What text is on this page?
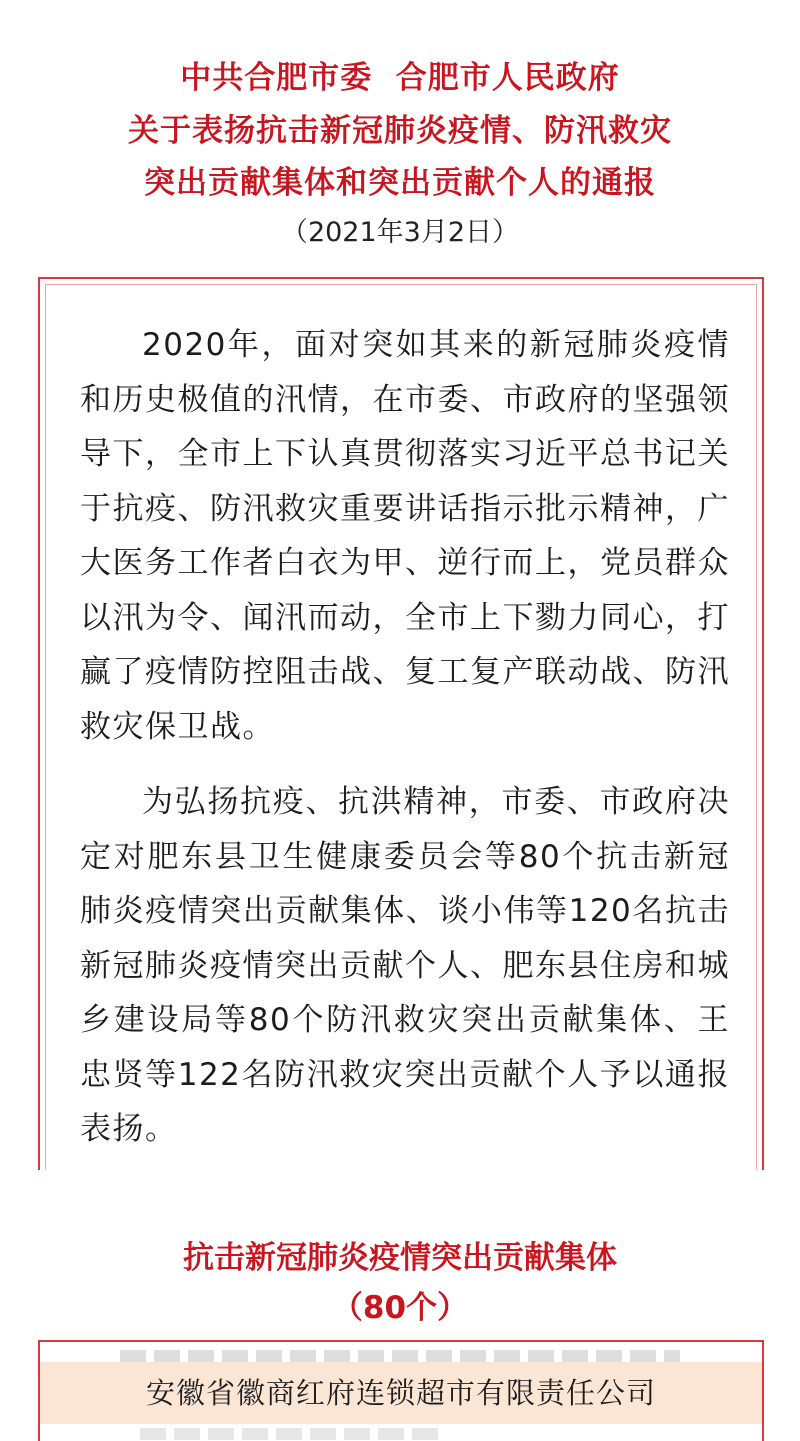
中共合肥市委  合肥市人民政府
关于表扬抗击新冠肺炎疫情、防汛救灾
突出贡献集体和突出贡献个人的通报
（2021年3月2日）

2020年，面对突如其来的新冠肺炎疫情和历史极值的汛情，在市委、市政府的坚强领导下，全市上下认真贯彻落实习近平总书记关于抗疫、防汛救灾重要讲话指示批示精神，广大医务工作者白衣为甲、逆行而上，党员群众以汛为令、闻汛而动，全市上下勠力同心，打赢了疫情防控阻击战、复工复产联动战、防汛救灾保卫战。

为弘扬抗疫、抗洪精神，市委、市政府决定对肥东县卫生健康委员会等80个抗击新冠肺炎疫情突出贡献集体、谈小伟等120名抗击新冠肺炎疫情突出贡献个人、肥东县住房和城乡建设局等80个防汛救灾突出贡献集体、王忠贤等122名防汛救灾突出贡献个人予以通报表扬。

抗击新冠肺炎疫情突出贡献集体
（80个）
安徽省徽商红府连锁超市有限责任公司
